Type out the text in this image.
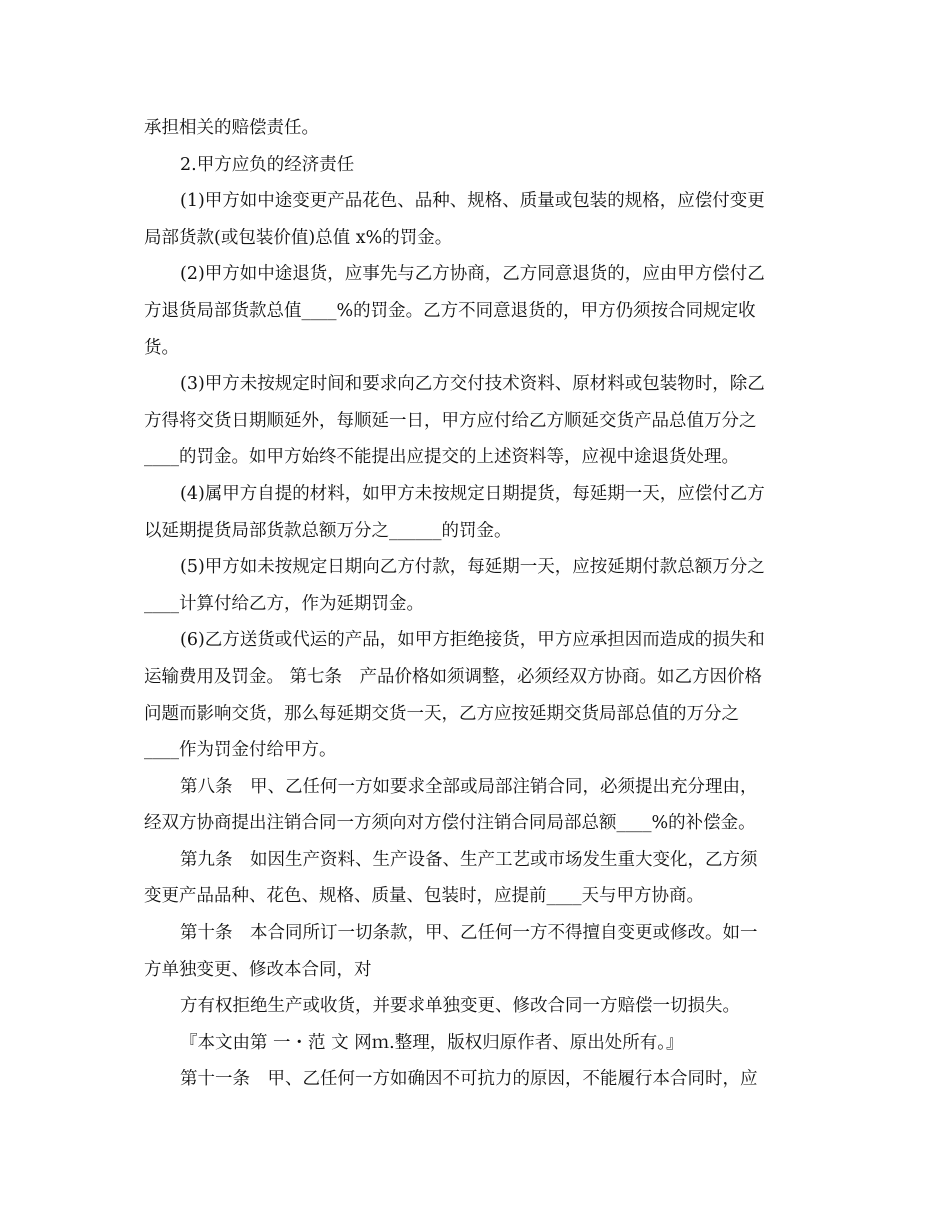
承担相关的赔偿责任。
2.甲方应负的经济责任
(1)甲方如中途变更产品花色、品种、规格、质量或包装的规格，应偿付变更
局部货款(或包装价值)总值 x%的罚金。
(2)甲方如中途退货，应事先与乙方协商，乙方同意退货的，应由甲方偿付乙
方退货局部货款总值____%的罚金。乙方不同意退货的，甲方仍须按合同规定收
货。
(3)甲方未按规定时间和要求向乙方交付技术资料、原材料或包装物时，除乙
方得将交货日期顺延外，每顺延一日，甲方应付给乙方顺延交货产品总值万分之
____的罚金。如甲方始终不能提出应提交的上述资料等，应视中途退货处理。
(4)属甲方自提的材料，如甲方未按规定日期提货，每延期一天，应偿付乙方
以延期提货局部货款总额万分之______的罚金。
(5)甲方如未按规定日期向乙方付款，每延期一天，应按延期付款总额万分之
____计算付给乙方，作为延期罚金。
(6)乙方送货或代运的产品，如甲方拒绝接货，甲方应承担因而造成的损失和
运输费用及罚金。 第七条　产品价格如须调整，必须经双方协商。如乙方因价格
问题而影响交货，那么每延期交货一天，乙方应按延期交货局部总值的万分之
____作为罚金付给甲方。
第八条　甲、乙任何一方如要求全部或局部注销合同，必须提出充分理由，
经双方协商提出注销合同一方须向对方偿付注销合同局部总额____%的补偿金。
第九条　如因生产资料、生产设备、生产工艺或市场发生重大变化，乙方须
变更产品品种、花色、规格、质量、包装时，应提前____天与甲方协商。
第十条　本合同所订一切条款，甲、乙任何一方不得擅自变更或修改。如一
方单独变更、修改本合同，对
方有权拒绝生产或收货，并要求单独变更、修改合同一方赔偿一切损失。
『本文由第 一・范 文 网ｍ.整理，版权归原作者、原出处所有。』
第十一条　甲、乙任何一方如确因不可抗力的原因，不能履行本合同时，应
